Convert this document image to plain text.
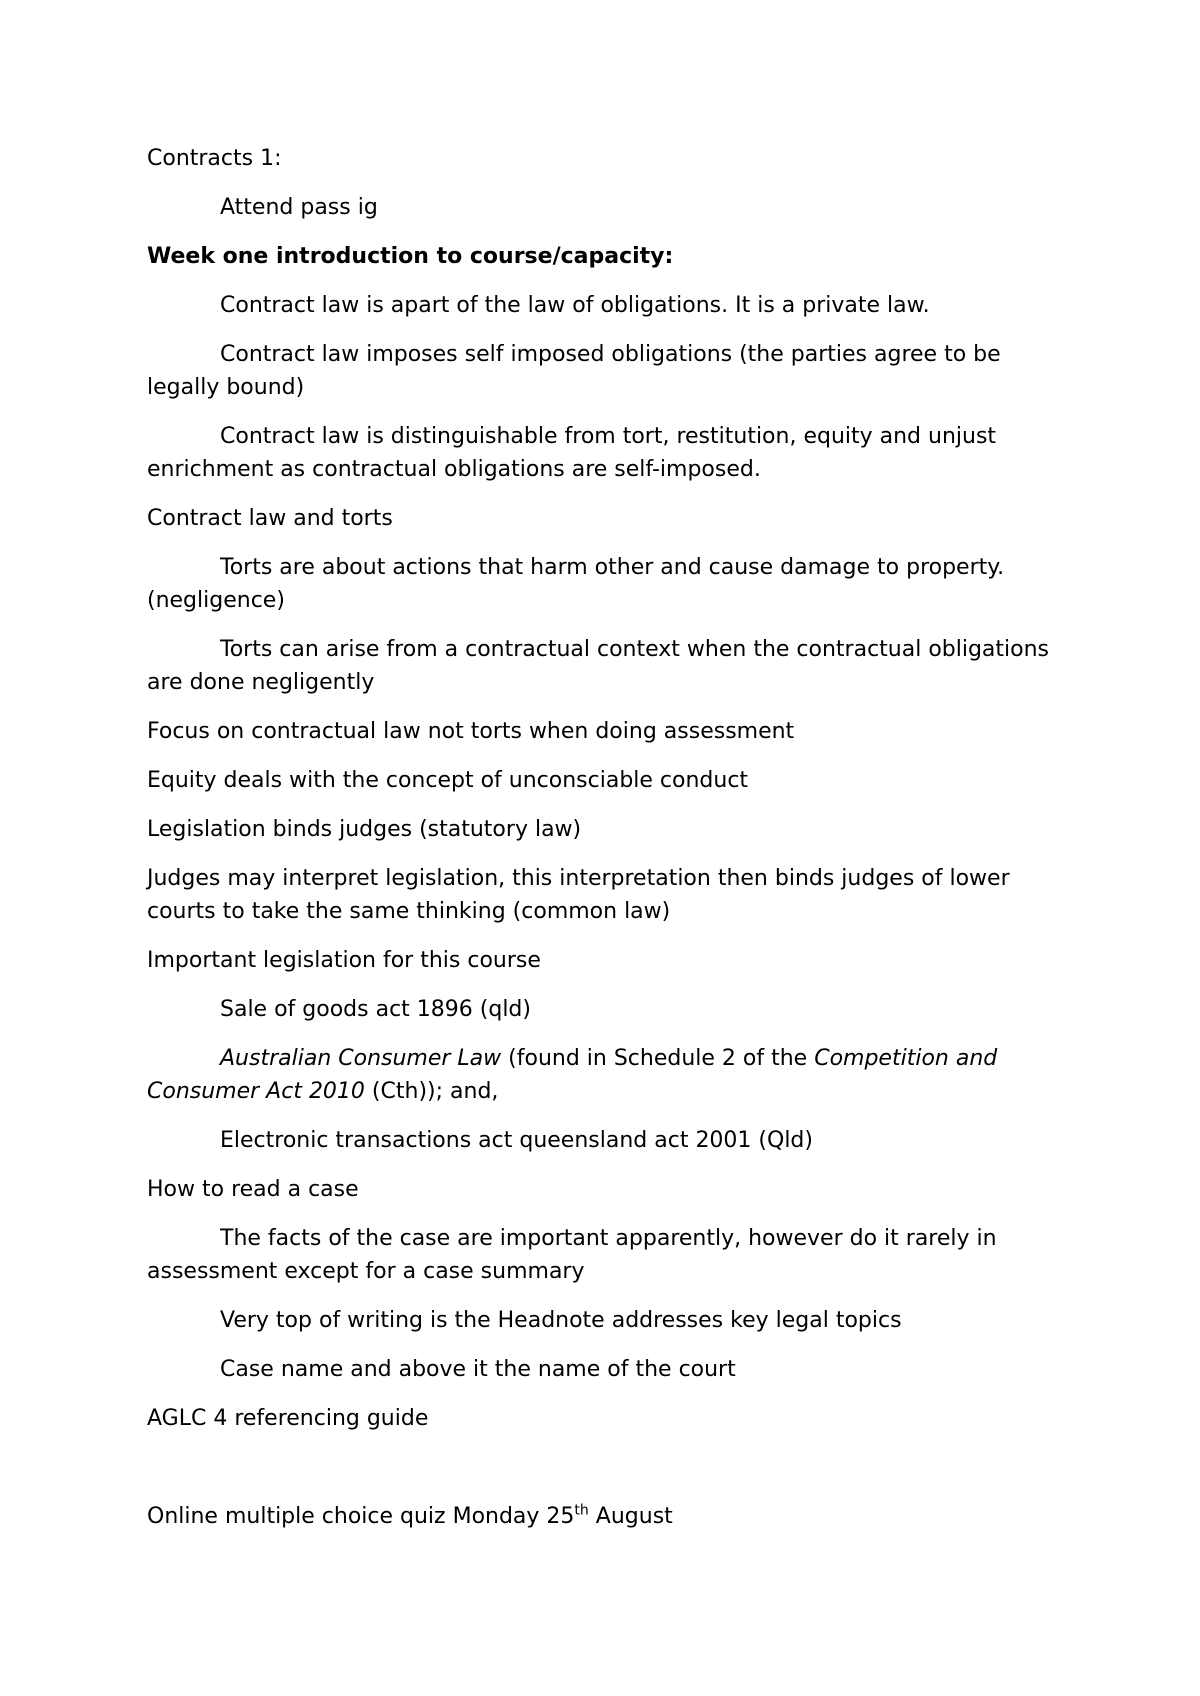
Contracts 1:

Attend pass ig

Week one introduction to course/capacity:

Contract law is apart of the law of obligations. It is a private law.

Contract law imposes self imposed obligations (the parties agree to be legally bound)

Contract law is distinguishable from tort, restitution, equity and unjust enrichment as contractual obligations are self-imposed.

Contract law and torts

Torts are about actions that harm other and cause damage to property. (negligence)

Torts can arise from a contractual context when the contractual obligations are done negligently

Focus on contractual law not torts when doing assessment

Equity deals with the concept of unconsciable conduct

Legislation binds judges (statutory law)

Judges may interpret legislation, this interpretation then binds judges of lower courts to take the same thinking (common law)

Important legislation for this course

Sale of goods act 1896 (qld)

Australian Consumer Law (found in Schedule 2 of the Competition and Consumer Act 2010 (Cth)); and,

Electronic transactions act queensland act 2001 (Qld)

How to read a case

The facts of the case are important apparently, however do it rarely in assessment except for a case summary

Very top of writing is the Headnote addresses key legal topics

Case name and above it the name of the court

AGLC 4 referencing guide

Online multiple choice quiz Monday 25th August
